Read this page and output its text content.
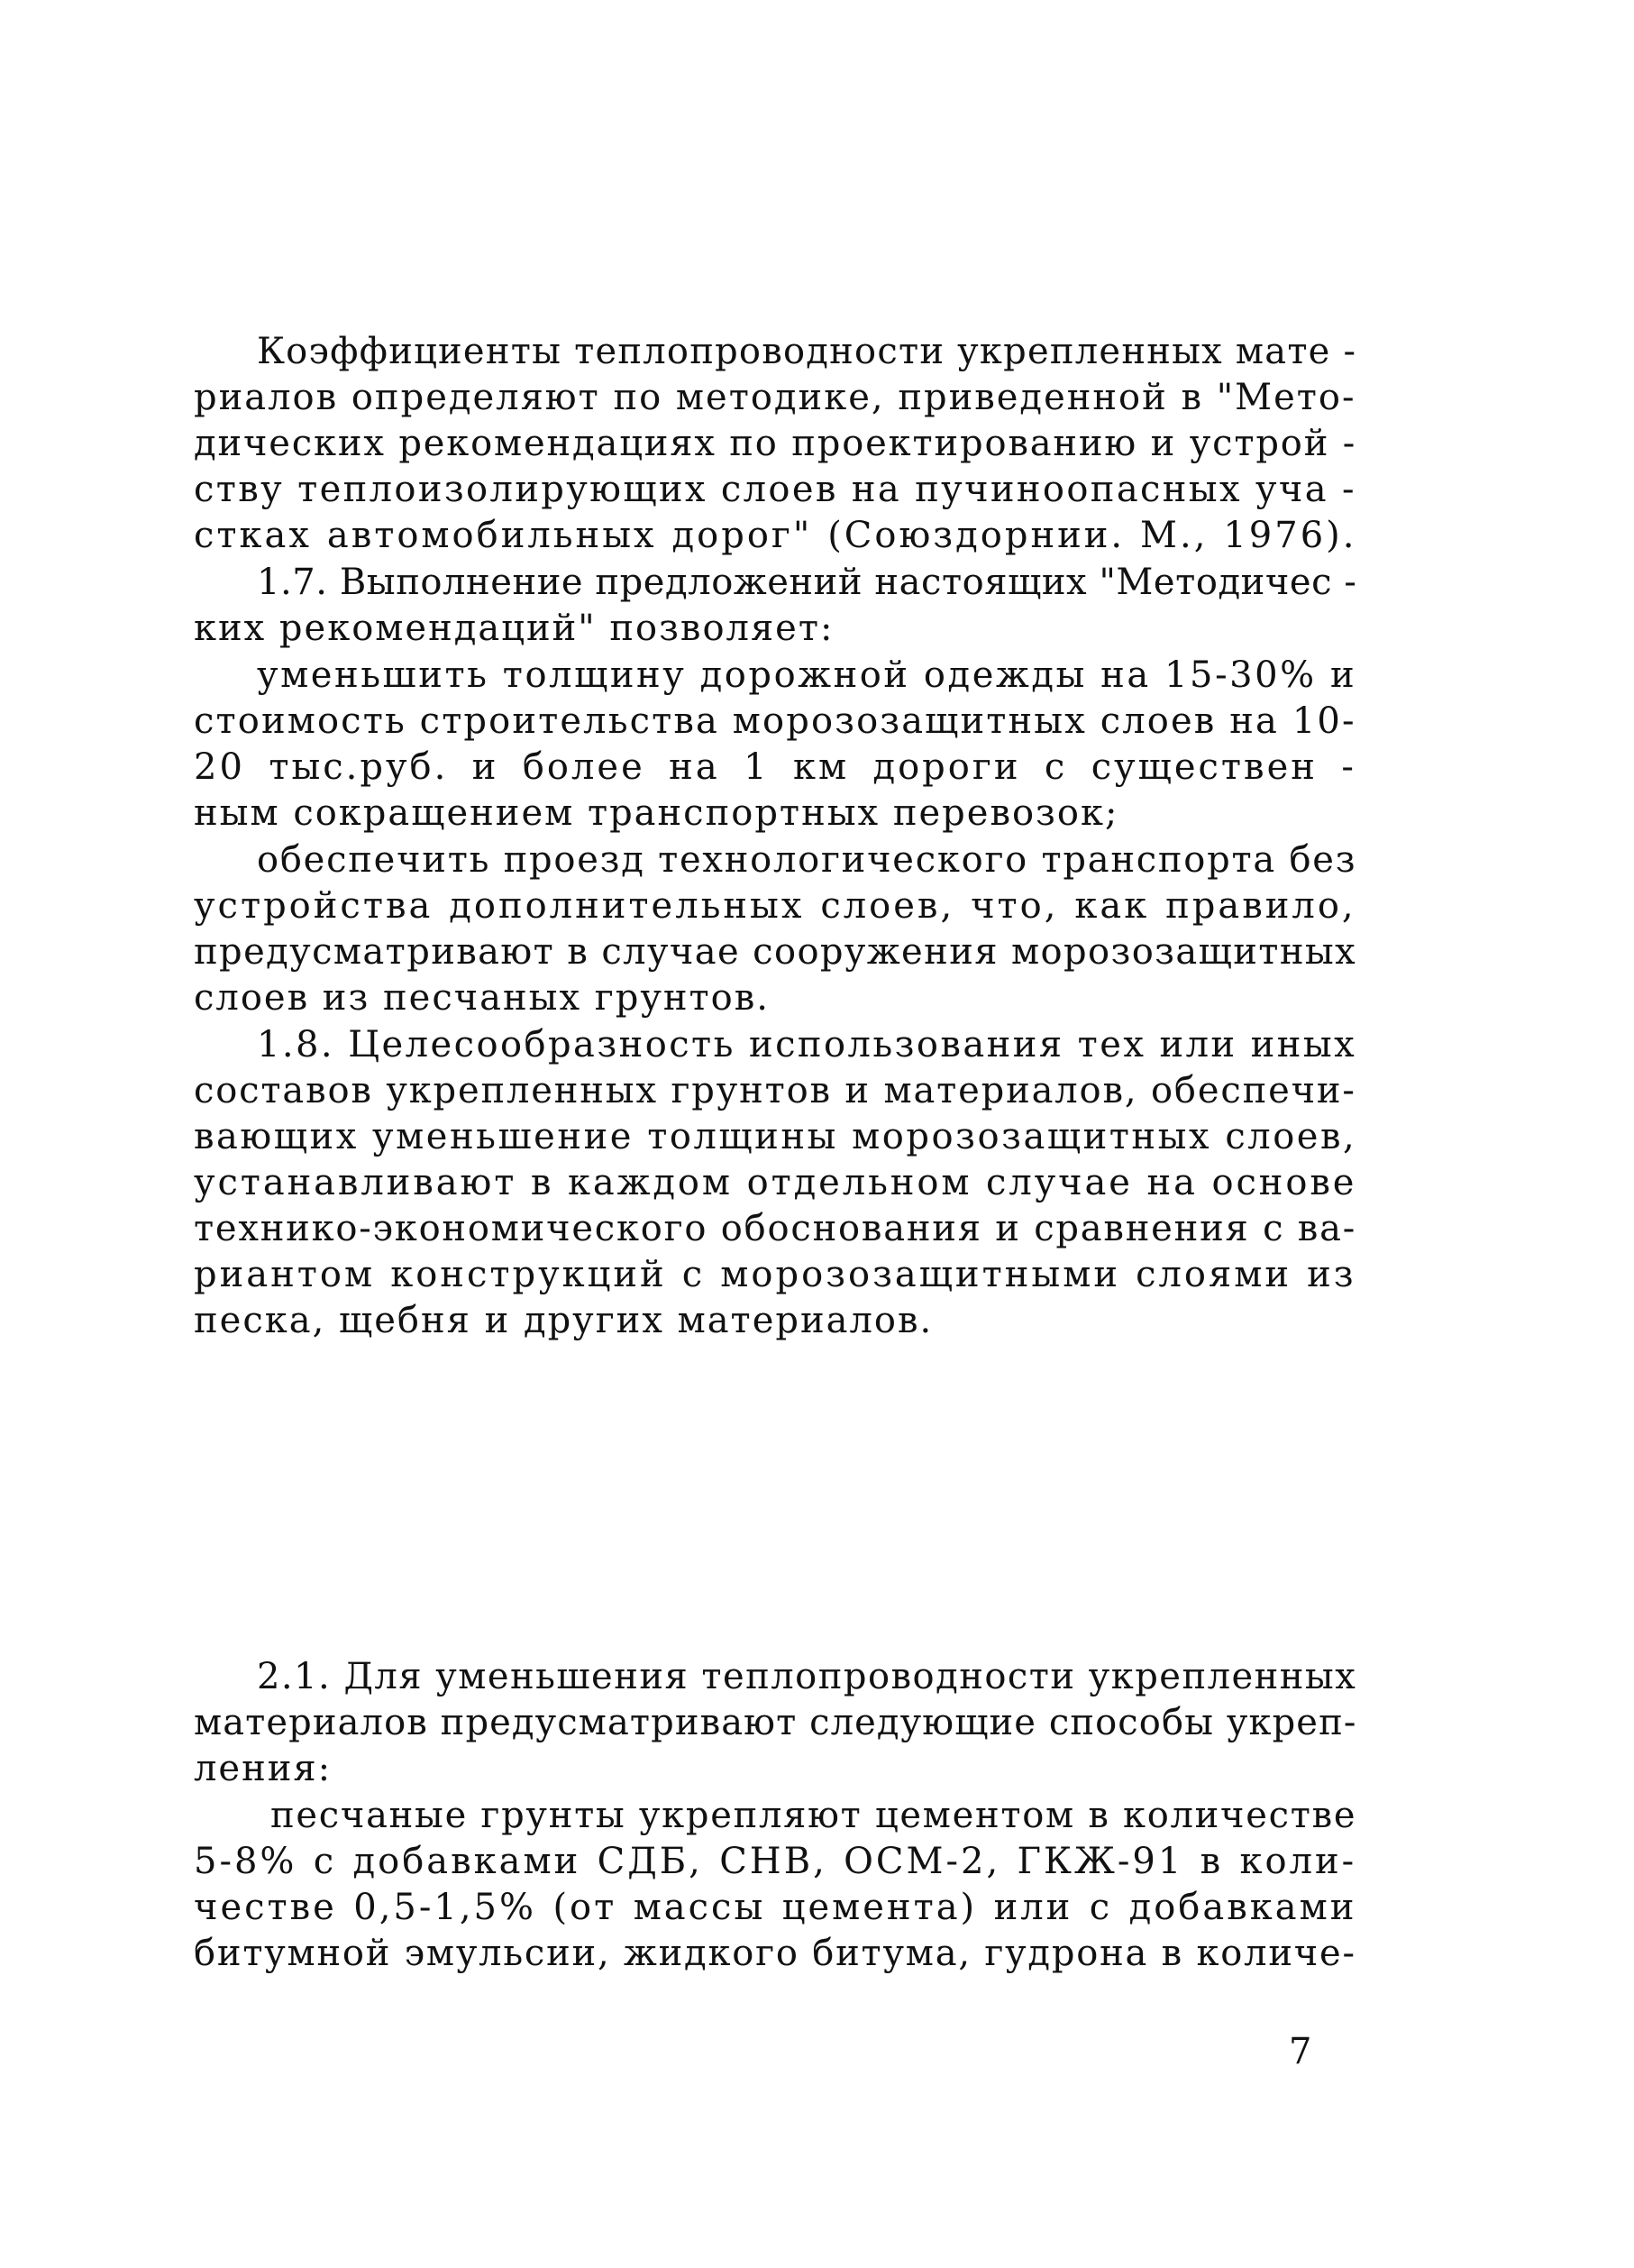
Коэффициенты теплопроводности укрепленных мате -
риалов определяют по методике, приведенной в "Мето-
дических рекомендациях по проектированию и устрой -
ству теплоизолирующих слоев на пучиноопасных уча -
стках автомобильных дорог" (Союздорнии. М., 1976).
1.7. Выполнение предложений настоящих "Методичес -
ких рекомендаций" позволяет:
уменьшить толщину дорожной одежды на 15-30% и
стоимость строительства морозозащитных слоев на 10-
20 тыс.руб. и более на 1 км дороги с существен -
ным сокращением транспортных перевозок;
обеспечить проезд технологического транспорта без
устройства дополнительных слоев, что, как правило,
предусматривают в случае сооружения морозозащитных
слоев из песчаных грунтов.
1.8. Целесообразность использования тех или иных
составов укрепленных грунтов и материалов, обеспечи-
вающих уменьшение толщины морозозащитных слоев,
устанавливают в каждом отдельном случае на основе
технико-экономического обоснования и сравнения с ва-
риантом конструкций с морозозащитными слоями из
песка, щебня и других материалов.
2.1. Для уменьшения теплопроводности укрепленных
материалов предусматривают следующие способы укреп-
ления:
песчаные грунты укрепляют цементом в количестве
5-8% с добавками СДБ, СНВ, ОСМ-2, ГКЖ-91 в коли-
честве 0,5-1,5% (от массы цемента) или с добавками
битумной эмульсии, жидкого битума, гудрона в количе-
7
